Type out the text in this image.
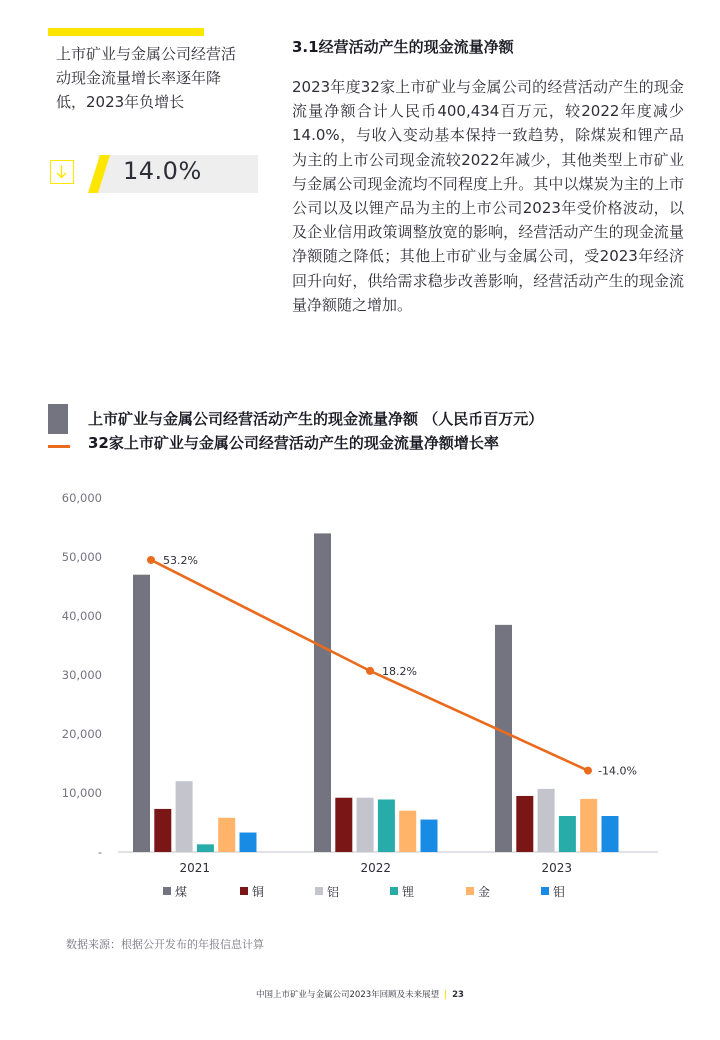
上市矿业与金属公司经营活动现金流量增长率逐年降低，2023年负增长
14.0%
3.1经营活动产生的现金流量净额
2023年度32家上市矿业与金属公司的经营活动产生的现金流量净额合计人民币400,434百万元，较2022年度减少14.0%，与收入变动基本保持一致趋势，除煤炭和锂产品为主的上市公司现金流较2022年减少，其他类型上市矿业与金属公司现金流均不同程度上升。其中以煤炭为主的上市公司以及以锂产品为主的上市公司2023年受价格波动，以及企业信用政策调整放宽的影响，经营活动产生的现金流量净额随之降低；其他上市矿业与金属公司，受2023年经济回升向好，供给需求稳步改善影响，经营活动产生的现金流量净额随之增加。
上市矿业与金属公司经营活动产生的现金流量净额 （人民币百万元）
32家上市矿业与金属公司经营活动产生的现金流量净额增长率
-
10,000
20,000
30,000
40,000
50,000
60,000
2021	2022	2023
53.2%
18.2%
-14.0%
煤	铜	铝	锂	金	钼
数据来源：根据公开发布的年报信息计算
中国上市矿业与金属公司2023年回顾及未来展望 23
